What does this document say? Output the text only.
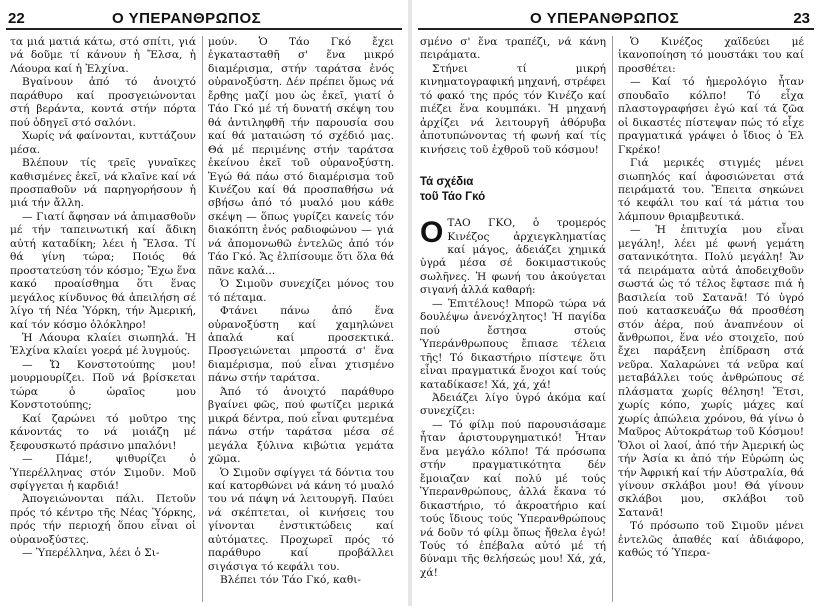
22	Ο ΥΠΕΡΑΝΘΡΩΠΟΣ

τα μιά ματιά κάτω, στό σπίτι, γιά νά δοῦμε τί κάνουν ἡ Ἔλσα, ἡ Λάουρα καί ἡ Ἐλχίνα.

Βγαίνουν ἀπό τό ἀνοιχτό παράθυρο καί προσγειώνονται στή βεράντα, κοντά στήν πόρτα πού ὁδηγεῖ στό σαλόνι.

Χωρίς νά φαίνονται, κυττάζουν μέσα.

Βλέπουν τίς τρεῖς γυναῖκες καθισμένες ἐκεῖ, νά κλαῖνε καί νά προσπαθοῦν νά παρηγορήσουν ἡ μιά τήν ἄλλη.

— Γιατί ἄφησαν νά ἀπιμασθοῦν μέ τήν ταπεινωτική καί ἄδικη αὐτή καταδίκη; λέει ἡ Ἔλσα. Τί θά γίνη τώρα; Ποιός θά προστατεύση τόν κόσμο; Ἔχω ἕνα κακό προαίσθημα ὅτι ἕνας μεγάλος κίνδυνος θά ἀπειλήση σέ λίγο τή Νέα Ὑόρκη, τήν Ἀμερική, καί τόν κόσμο ὁλόκληρο!

Ἡ Λάουρα κλαίει σιωπηλά. Ἡ Ἐλχίνα κλαίει γοερά μέ λυγμούς.

— Ὤ Κονστοτούπης μου! μουρμουρίζει. Ποῦ νά βρίσκεται τώρα ὁ ὡραῖος μου Κονστοτούπης;

Καί ζαρώνει τό μοῦτρο της κάνοντάς το νά μοιάζη μέ ξεφουσκωτό πράσινο μπαλόνι!

— Πάμε!, ψιθυρίζει ὁ Ὑπερέλληνας στόν Σιμοῦν. Μοῦ σφίγγεται ἡ καρδιά!

Ἀπογειώνονται πάλι. Πετοῦν πρός τό κέντρο τῆς Νέας Ὑόρκης, πρός τήν περιοχή ὅπου εἶναι οἱ οὐρανοξύστες.

— Ὑπερέλληνα, λέει ὁ Σι-

μούν. Ὁ Τάο Γκό ἔχει ἐγκατασταθῆ σ' ἕνα μικρό διαμέρισμα, στήν ταράτσα ἑνός οὐρανοξύστη. Δέν πρέπει ὅμως νά ἔρθης μαζί μου ὡς ἐκεῖ, γιατί ὁ Τάο Γκό μέ τή δυνατή σκέψη του θά ἀντιληφθῆ τήν παρουσία σου καί θά ματαιώση τό σχέδιό μας. Θά μέ περιμένης στήν ταράτσα ἐκείνου ἐκεῖ τοῦ οὐρανοξύστη. Ἐγώ θά πάω στό διαμέρισμα τοῦ Κινέζου καί θά προσπαθήσω νά σβήσω ἀπό τό μυαλό μου κάθε σκέψη — ὅπως γυρίζει κανείς τόν διακόπτη ἑνός ραδιοφώνου — γιά νά ἀπομονωθῶ ἐντελῶς ἀπό τόν Τάο Γκό. Ἄς ἐλπίσουμε ὅτι ὅλα θά πᾶνε καλά...

Ὁ Σιμοῦν συνεχίζει μόνος του τό πέταμα.

Φτάνει πάνω ἀπό ἕνα οὐρανοξύστη καί χαμηλώνει ἀπαλά καί προσεκτικά. Προσγειώνεται μπροστά σ' ἕνα διαμέρισμα, πού εἶναι χτισμένο πάνω στήν ταράτσα.

Ἀπό τό ἀνοιχτό παράθυρο βγαίνει φῶς, πού φωτίζει μερικά μικρά δέντρα, πού εἶναι φυτεμένα πάνω στήν ταράτσα μέσα σέ μεγάλα ξύλινα κιβώτια γεμάτα χῶμα.

Ὁ Σιμοῦν σφίγγει τά δόντια του καί κατορθώνει νά κάνη τό μυαλό του νά πάψη νά λειτουργῆ. Παύει νά σκέπτεται, οἱ κινήσεις του γίνονται ἐνστικτώδεις καί αὐτόματες. Προχωρεῖ πρός τό παράθυρο καί προβάλλει σιγάσιγα τό κεφάλι του.

Βλέπει τόν Τάο Γκό, καθι-

Ο ΥΠΕΡΑΝΘΡΩΠΟΣ	23

σμένο σ' ἕνα τραπέζι, νά κάνη πειράματα.

Στήνει τί μικρή κινηματογραφική μηχανή, στρέφει τό φακό της πρός τόν Κινέζο καί πιέζει ἕνα κουμπάκι. Ἡ μηχανή ἀρχίζει νά λειτουργῆ ἀθόρυβα ἀποτυπώνοντας τή φωνή καί τίς κινήσεις τοῦ ἐχθροῦ τοῦ κόσμου!

Τά σχέδια

τοῦ Τάο Γκό

ΟΤΑΟ ΓΚΟ, ὁ τρομερός Κινέζος ἀρχιεγκληματίας καί μάγος, ἀδειάζει χημικά ὑγρά μέσα σέ δοκιμαστικούς σωλῆνες. Ἡ φωνή του ἀκούγεται σιγανή ἀλλά καθαρή:

— Ἐπιτέλους! Μπορῶ τώρα νά δουλέψω ἀνενόχλητος! Ἡ παγίδα πού ἔστησα στούς Ὑπεράνθρωπους ἔπιασε τέλεια τῆς! Τό δικαστήριο πίστεψε ὅτι εἶναι πραγματικά ἔνοχοι καί τούς καταδίκασε! Χά, χά, χά!

Ἀδειάζει λίγο ὑγρό ἀκόμα καί συνεχίζει:

— Τό φίλμ πού παρουσιάσαμε ἦταν ἀριστουργηματικό! Ἦταν ἕνα μεγάλο κόλπο! Τά πρόσωπα στήν πραγματικότητα δέν ἔμοιαζαν καί πολύ μέ τούς Ὑπερανθρώπους, ἀλλά ἔκανα τό δικαστήριο, τό ἀκροατήριο καί τούς ἴδιους τούς Ὑπερανθρώπους νά δοῦν τό φίλμ ὅπως ἤθελα ἐγώ! Τούς τό ἐπέβαλα αὐτό μέ τή δύναμι τῆς θελήσεώς μου! Χά, χά, χά!

Ὁ Κινέζος χαϊδεύει μέ ἱκανοποίηση τό μουστάκι του καί προσθέτει:

— Καί τό ἡμερολόγιο ἦταν σπουδαῖο κόλπο! Τό εἶχα πλαστογραφήσει ἐγώ καί τά ζῶα οἱ δικαστές πίστεψαν πώς τό εἶχε πραγματικά γράψει ὁ ἴδιος ὁ Ἐλ Γκρέκο!

Γιά μερικές στιγμές μένει σιωπηλός καί ἀφοσιώνεται στά πειράματά του. Ἔπειτα σηκώνει τό κεφάλι του καί τά μάτια του λάμπουν θριαμβευτικά.

— Ἡ ἐπιτυχία μου εἶναι μεγάλη!, λέει μέ φωνή γεμάτη σατανικότητα. Πολύ μεγάλη! Ἄν τά πειράματα αὐτά ἀποδειχθοῦν σωστά ὡς τό τέλος ἔφτασε πιά ἡ βασιλεία τοῦ Σατανᾶ! Τό ὑγρό πού κατασκευάζω θά προσθέση στόν ἀέρα, πού ἀναπνέουν οἱ ἄνθρωποι, ἕνα νέο στοιχεῖο, πού ἔχει παράξενη ἐπίδραση στά νεῦρα. Χαλαρώνει τά νεῦρα καί μεταβάλλει τούς ἀνθρώπους σέ πλάσματα χωρίς θέληση! Ἔτσι, χωρίς κόπο, χωρίς μάχες καί χωρίς ἀπώλεια χρόνου, θά γίνω ὁ Μαῦρος Αὐτοκράτωρ τοῦ Κόσμου! Ὅλοι οἱ λαοί, ἀπό τήν Ἀμερική ὡς τήν Ἀσία κι ἀπό τήν Εὐρώπη ὡς τήν Ἀφρική καί τήν Αὐστραλία, θά γίνουν σκλάβοι μου! Θά γίνουν σκλάβοι μου, σκλάβοι τοῦ Σατανᾶ!

Τό πρόσωπο τοῦ Σιμοῦν μένει ἐντελῶς ἀπαθές καί ἀδιάφορο, καθώς τό Ὑπερα-
